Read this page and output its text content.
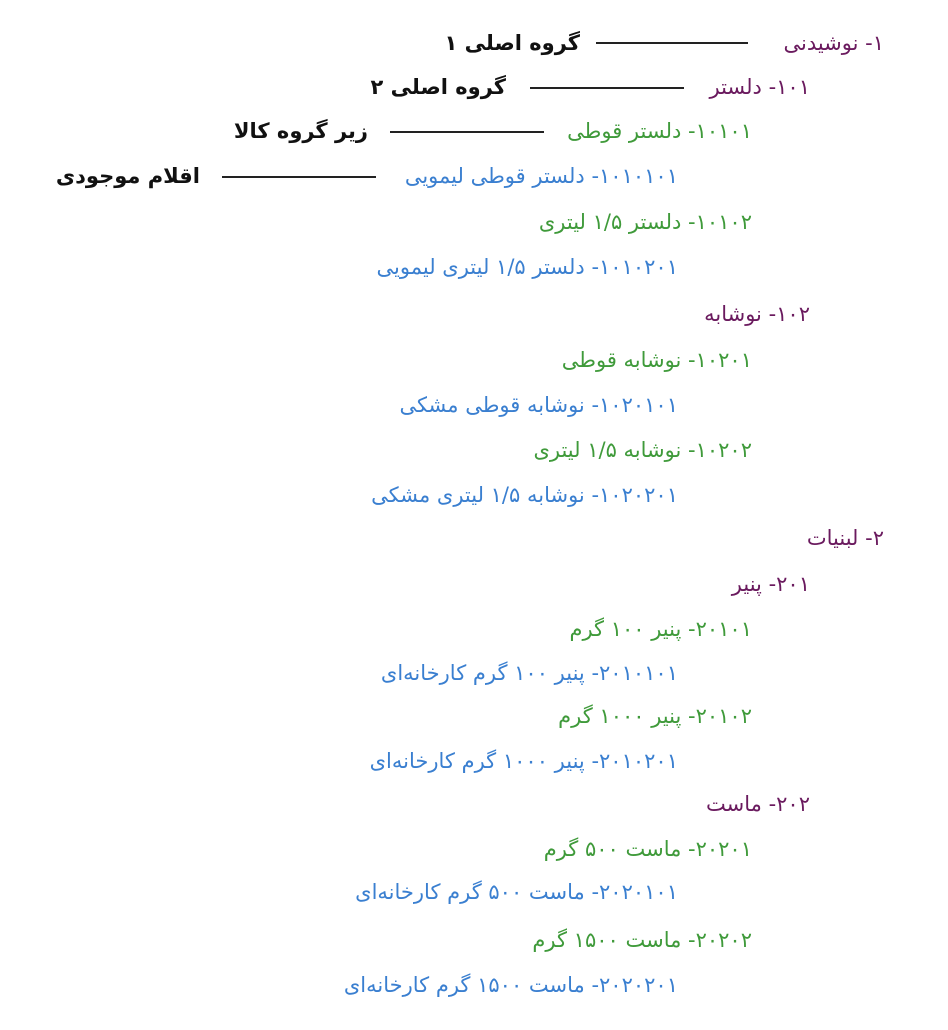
گروه اصلی ۱
گروه اصلی ۲
زیر گروه کالا
اقلام موجودی
۱- نوشیدنی
۲- لبنیات
۱۰۱- دلستر
۱۰۲- نوشابه
۲۰۱- پنیر
۲۰۲- ماست
۱۰۱۰۱- دلستر قوطی
۱۰۱۰۲- دلستر ۱/۵ لیتری
۱۰۲۰۱- نوشابه قوطی
۱۰۲۰۲- نوشابه ۱/۵ لیتری
۲۰۱۰۱- پنیر ۱۰۰ گرم
۲۰۱۰۲- پنیر ۱۰۰۰ گرم
۲۰۲۰۱- ماست ۵۰۰ گرم
۲۰۲۰۲- ماست ۱۵۰۰ گرم
۱۰۱۰۱۰۱- دلستر قوطی لیمویی
۱۰۱۰۲۰۱- دلستر ۱/۵ لیتری لیمویی
۱۰۲۰۱۰۱- نوشابه قوطی مشکی
۱۰۲۰۲۰۱- نوشابه ۱/۵ لیتری مشکی
۲۰۱۰۱۰۱- پنیر ۱۰۰ گرم کارخانه‌ای
۲۰۱۰۲۰۱- پنیر ۱۰۰۰ گرم کارخانه‌ای
۲۰۲۰۱۰۱- ماست ۵۰۰ گرم کارخانه‌ای
۲۰۲۰۲۰۱- ماست ۱۵۰۰ گرم کارخانه‌ای
